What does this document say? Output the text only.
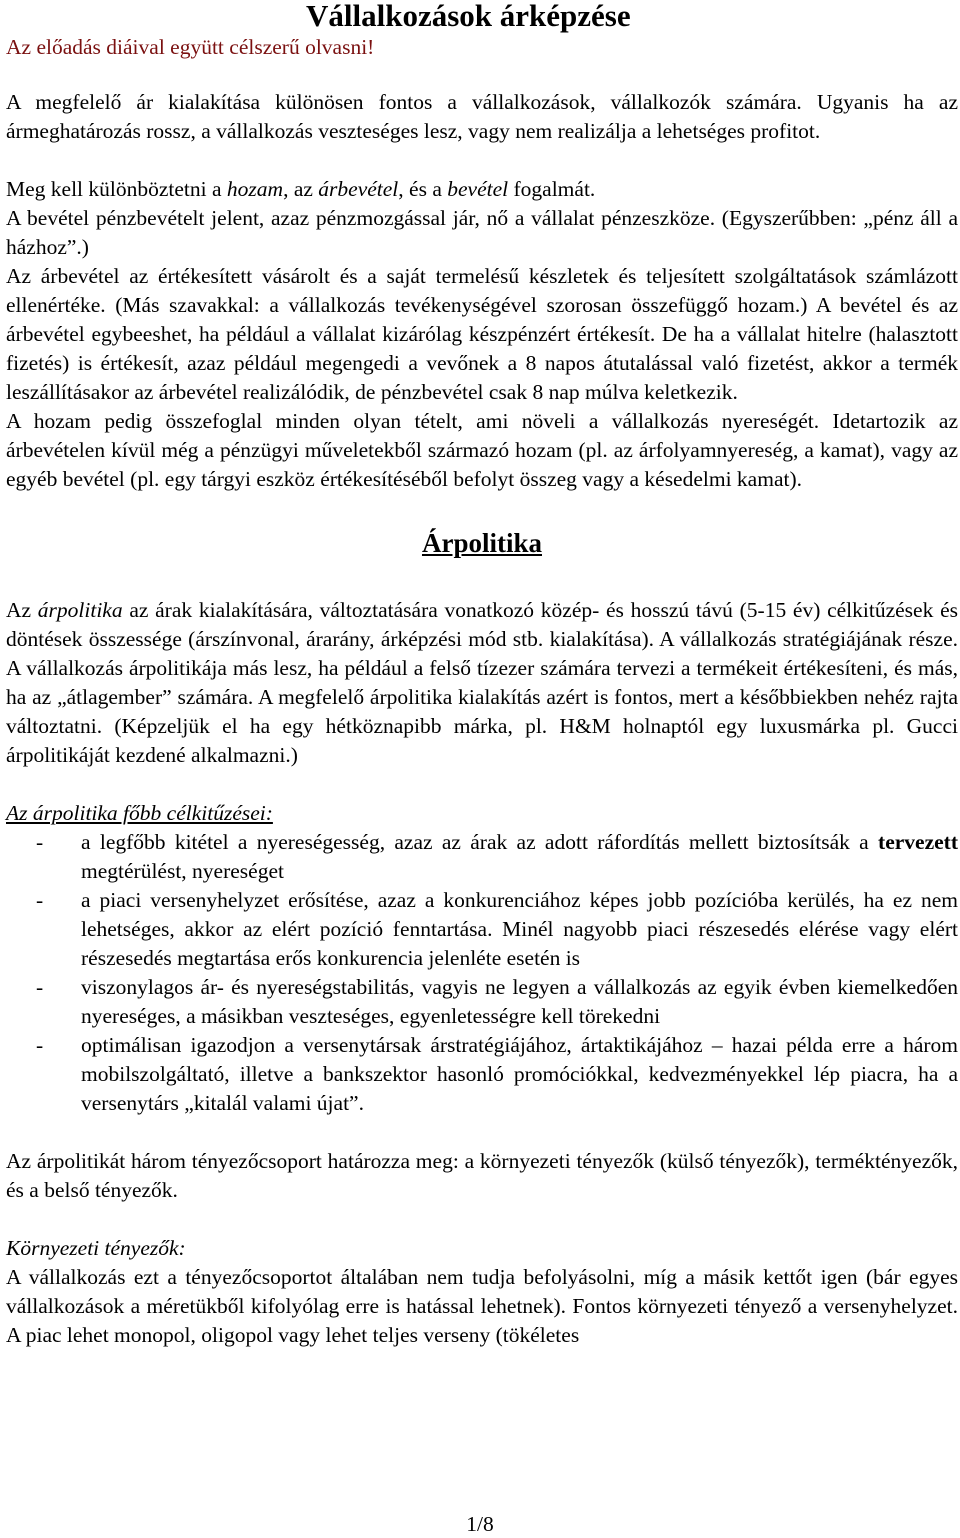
Vállalkozások árképzése
Az előadás diáival együtt célszerű olvasni!

A megfelelő ár kialakítása különösen fontos a vállalkozások, vállalkozók számára. Ugyanis ha az ármeghatározás rossz, a vállalkozás veszteséges lesz, vagy nem realizálja a lehetséges profitot.

Meg kell különböztetni a hozam, az árbevétel, és a bevétel fogalmát.

A bevétel pénzbevételt jelent, azaz pénzmozgással jár, nő a vállalat pénzeszköze. (Egyszerűbben: „pénz áll a házhoz”.)

Az árbevétel az értékesített vásárolt és a saját termelésű készletek és teljesített szolgáltatások számlázott ellenértéke. (Más szavakkal: a vállalkozás tevékenységével szorosan összefüggő hozam.) A bevétel és az árbevétel egybeeshet, ha például a vállalat kizárólag készpénzért értékesít. De ha a vállalat hitelre (halasztott fizetés) is értékesít, azaz például megengedi a vevőnek a 8 napos átutalással való fizetést, akkor a termék leszállításakor az árbevétel realizálódik, de pénzbevétel csak 8 nap múlva keletkezik.

A hozam pedig összefoglal minden olyan tételt, ami növeli a vállalkozás nyereségét. Idetartozik az árbevételen kívül még a pénzügyi műveletekből származó hozam (pl. az árfolyamnyereség, a kamat), vagy az egyéb bevétel (pl. egy tárgyi eszköz értékesítéséből befolyt összeg vagy a késedelmi kamat).

Árpolitika

Az árpolitika az árak kialakítására, változtatására vonatkozó közép- és hosszú távú (5-15 év) célkitűzések és döntések összessége (árszínvonal, árarány, árképzési mód stb. kialakítása). A vállalkozás stratégiájának része. A vállalkozás árpolitikája más lesz, ha például a felső tízezer számára tervezi a termékeit értékesíteni, és más, ha az „átlagember” számára. A megfelelő árpolitika kialakítás azért is fontos, mert a későbbiekben nehéz rajta változtatni. (Képzeljük el ha egy hétköznapibb márka, pl. H&M holnaptól egy luxusmárka pl. Gucci árpolitikáját kezdené alkalmazni.)

Az árpolitika főbb célkitűzései:

- a legfőbb kitétel a nyereségesség, azaz az árak az adott ráfordítás mellett biztosítsák a tervezett megtérülést, nyereséget
- a piaci versenyhelyzet erősítése, azaz a konkurenciához képes jobb pozícióba kerülés, ha ez nem lehetséges, akkor az elért pozíció fenntartása. Minél nagyobb piaci részesedés elérése vagy elért részesedés megtartása erős konkurencia jelenléte esetén is
- viszonylagos ár- és nyereségstabilitás, vagyis ne legyen a vállalkozás az egyik évben kiemelkedően nyereséges, a másikban veszteséges, egyenletességre kell törekedni
- optimálisan igazodjon a versenytársak árstratégiájához, ártaktikájához – hazai példa erre a három mobilszolgáltató, illetve a bankszektor hasonló promóciókkal, kedvezményekkel lép piacra, ha a versenytárs „kitalál valami újat”.

Az árpolitikát három tényezőcsoport határozza meg: a környezeti tényezők (külső tényezők), terméktényezők, és a belső tényezők.

Környezeti tényezők:

A vállalkozás ezt a tényezőcsoportot általában nem tudja befolyásolni, míg a másik kettőt igen (bár egyes vállalkozások a méretükből kifolyólag erre is hatással lehetnek). Fontos környezeti tényező a versenyhelyzet. A piac lehet monopol, oligopol vagy lehet teljes verseny (tökéletes

1/8
